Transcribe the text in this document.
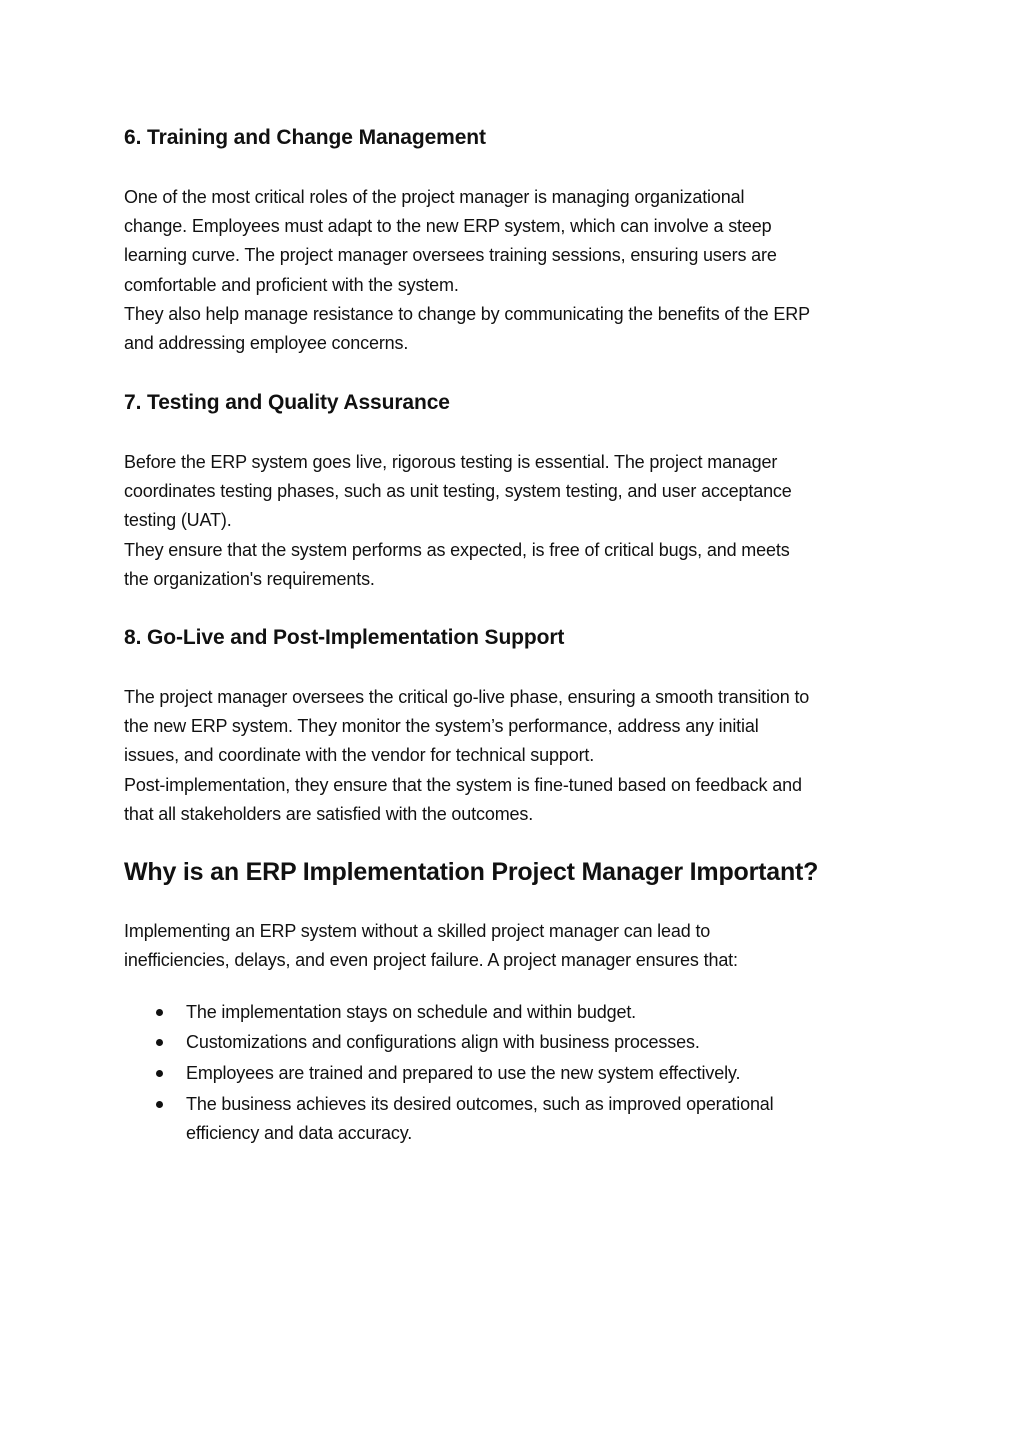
6. Training and Change Management

One of the most critical roles of the project manager is managing organizational

change. Employees must adapt to the new ERP system, which can involve a steep

learning curve. The project manager oversees training sessions, ensuring users are

comfortable and proficient with the system.

They also help manage resistance to change by communicating the benefits of the ERP

and addressing employee concerns.

7. Testing and Quality Assurance

Before the ERP system goes live, rigorous testing is essential. The project manager

coordinates testing phases, such as unit testing, system testing, and user acceptance

testing (UAT).

They ensure that the system performs as expected, is free of critical bugs, and meets

the organization's requirements.

8. Go-Live and Post-Implementation Support

The project manager oversees the critical go-live phase, ensuring a smooth transition to

the new ERP system. They monitor the system’s performance, address any initial

issues, and coordinate with the vendor for technical support.

Post-implementation, they ensure that the system is fine-tuned based on feedback and

that all stakeholders are satisfied with the outcomes.

Why is an ERP Implementation Project Manager Important?

Implementing an ERP system without a skilled project manager can lead to

inefficiencies, delays, and even project failure. A project manager ensures that:

The implementation stays on schedule and within budget.

Customizations and configurations align with business processes.

Employees are trained and prepared to use the new system effectively.

The business achieves its desired outcomes, such as improved operational

efficiency and data accuracy.
